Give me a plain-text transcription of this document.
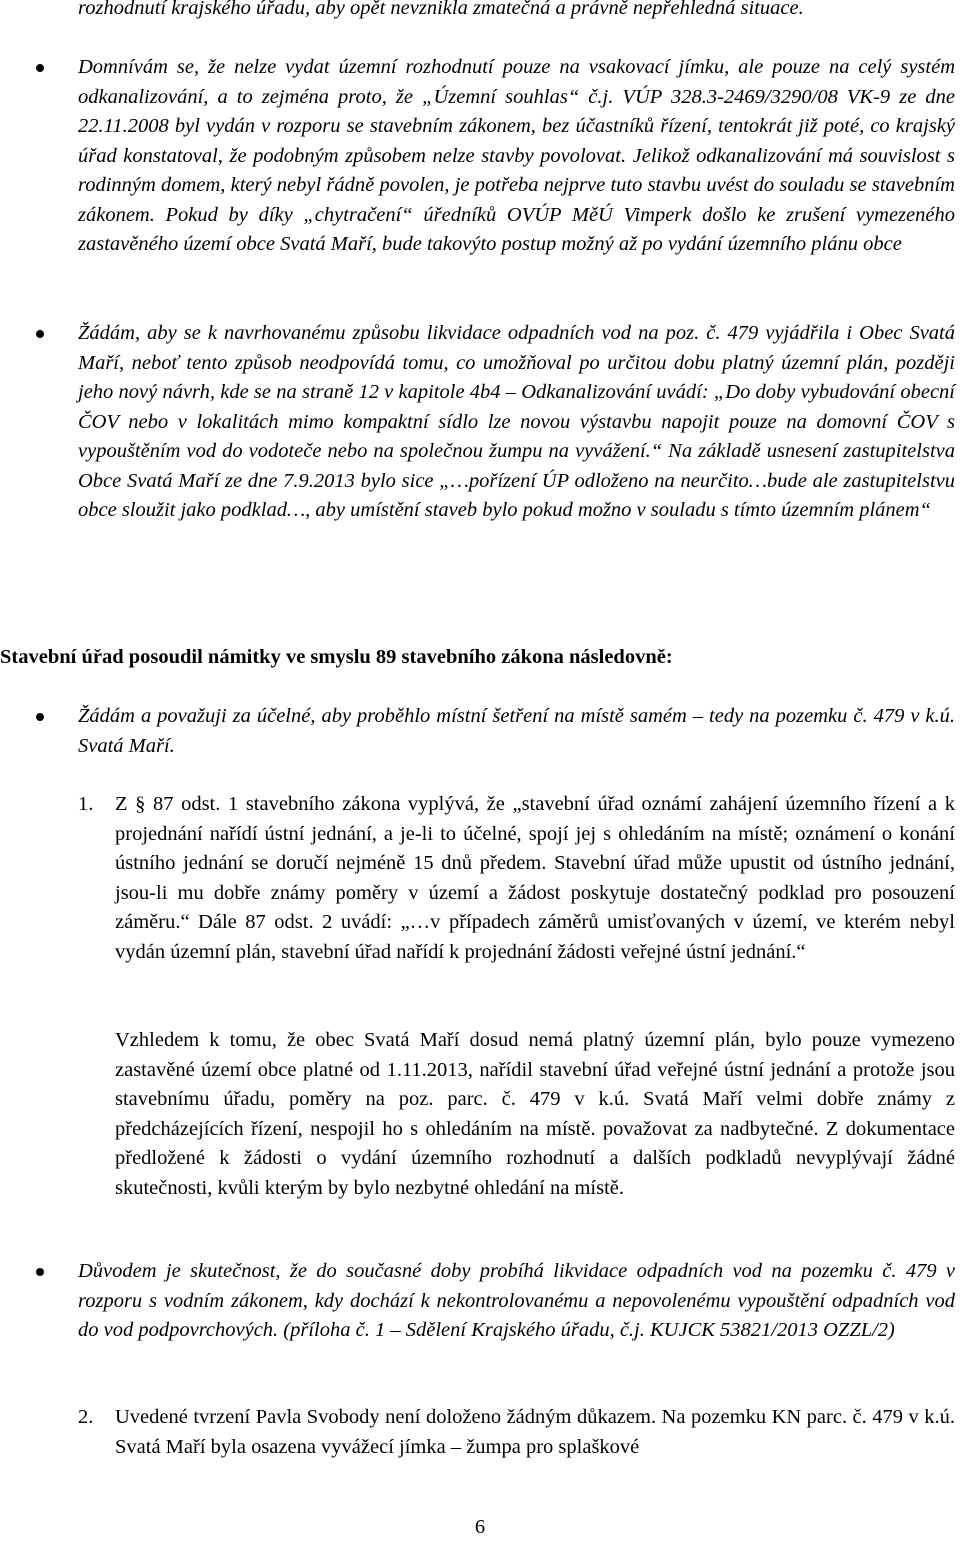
rozhodnutí krajského úřadu, aby opět nevznikla zmatečná a právně nepřehledná situace.

Domnívám se, že nelze vydat územní rozhodnutí pouze na vsakovací jímku, ale pouze na celý systém odkanalizování, a to zejména proto, že „Územní souhlas“ č.j. VÚP 328.3-2469/3290/08 VK-9 ze dne 22.11.2008 byl vydán v rozporu se stavebním zákonem, bez účastníků řízení, tentokrát již poté, co krajský úřad konstatoval, že podobným způsobem nelze stavby povolovat. Jelikož odkanalizování má souvislost s rodinným domem, který nebyl řádně povolen, je potřeba nejprve tuto stavbu uvést do souladu se stavebním zákonem. Pokud by díky „chytračení“ úředníků OVÚP MěÚ Vimperk došlo ke zrušení vymezeného zastavěného území obce Svatá Maří, bude takovýto postup možný až po vydání územního plánu obce

Žádám, aby se k navrhovanému způsobu likvidace odpadních vod na poz. č. 479 vyjádřila i Obec Svatá Maří, neboť tento způsob neodpovídá tomu, co umožňoval po určitou dobu platný územní plán, později jeho nový návrh, kde se na straně 12 v kapitole 4b4 – Odkanalizování uvádí: „Do doby vybudování obecní ČOV nebo v lokalitách mimo kompaktní sídlo lze novou výstavbu napojit pouze na domovní ČOV s vypouštěním vod do vodoteče nebo na společnou žumpu na vyvážení.“ Na základě usnesení zastupitelstva Obce Svatá Maří ze dne 7.9.2013 bylo sice „…pořízení ÚP odloženo na neurčito…bude ale zastupitelstvu obce sloužit jako podklad…, aby umístění staveb bylo pokud možno v souladu s tímto územním plánem“

Stavební úřad posoudil námitky ve smyslu 89 stavebního zákona následovně:

Žádám a považuji za účelné, aby proběhlo místní šetření na místě samém – tedy na pozemku č. 479 v k.ú. Svatá Maří.

1. Z § 87 odst. 1 stavebního zákona vyplývá, že „stavební úřad oznámí zahájení územního řízení a k projednání nařídí ústní jednání, a je-li to účelné, spojí jej s ohledáním na místě; oznámení o konání ústního jednání se doručí nejméně 15 dnů předem. Stavební úřad může upustit od ústního jednání, jsou-li mu dobře známy poměry v území a žádost poskytuje dostatečný podklad pro posouzení záměru.“ Dále 87 odst. 2 uvádí: „…v případech záměrů umisťovaných v území, ve kterém nebyl vydán územní plán, stavební úřad nařídí k projednání žádosti veřejné ústní jednání.“

Vzhledem k tomu, že obec Svatá Maří dosud nemá platný územní plán, bylo pouze vymezeno zastavěné území obce platné od 1.11.2013, nařídil stavební úřad veřejné ústní jednání a protože jsou stavebnímu úřadu, poměry na poz. parc. č. 479 v k.ú. Svatá Maří velmi dobře známy z předcházejících řízení, nespojil ho s ohledáním na místě. považovat za nadbytečné. Z dokumentace předložené k žádosti o vydání územního rozhodnutí a dalších podkladů nevyplývají žádné skutečnosti, kvůli kterým by bylo nezbytné ohledání na místě.

Důvodem je skutečnost, že do současné doby probíhá likvidace odpadních vod na pozemku č. 479 v rozporu s vodním zákonem, kdy dochází k nekontrolovanému a nepovolenému vypouštění odpadních vod do vod podpovrchových. (příloha č. 1 – Sdělení Krajského úřadu, č.j. KUJCK 53821/2013 OZZL/2)

2. Uvedené tvrzení Pavla Svobody není doloženo žádným důkazem. Na pozemku KN parc. č. 479 v k.ú. Svatá Maří byla osazena vyvážecí jímka – žumpa pro splaškové

6
